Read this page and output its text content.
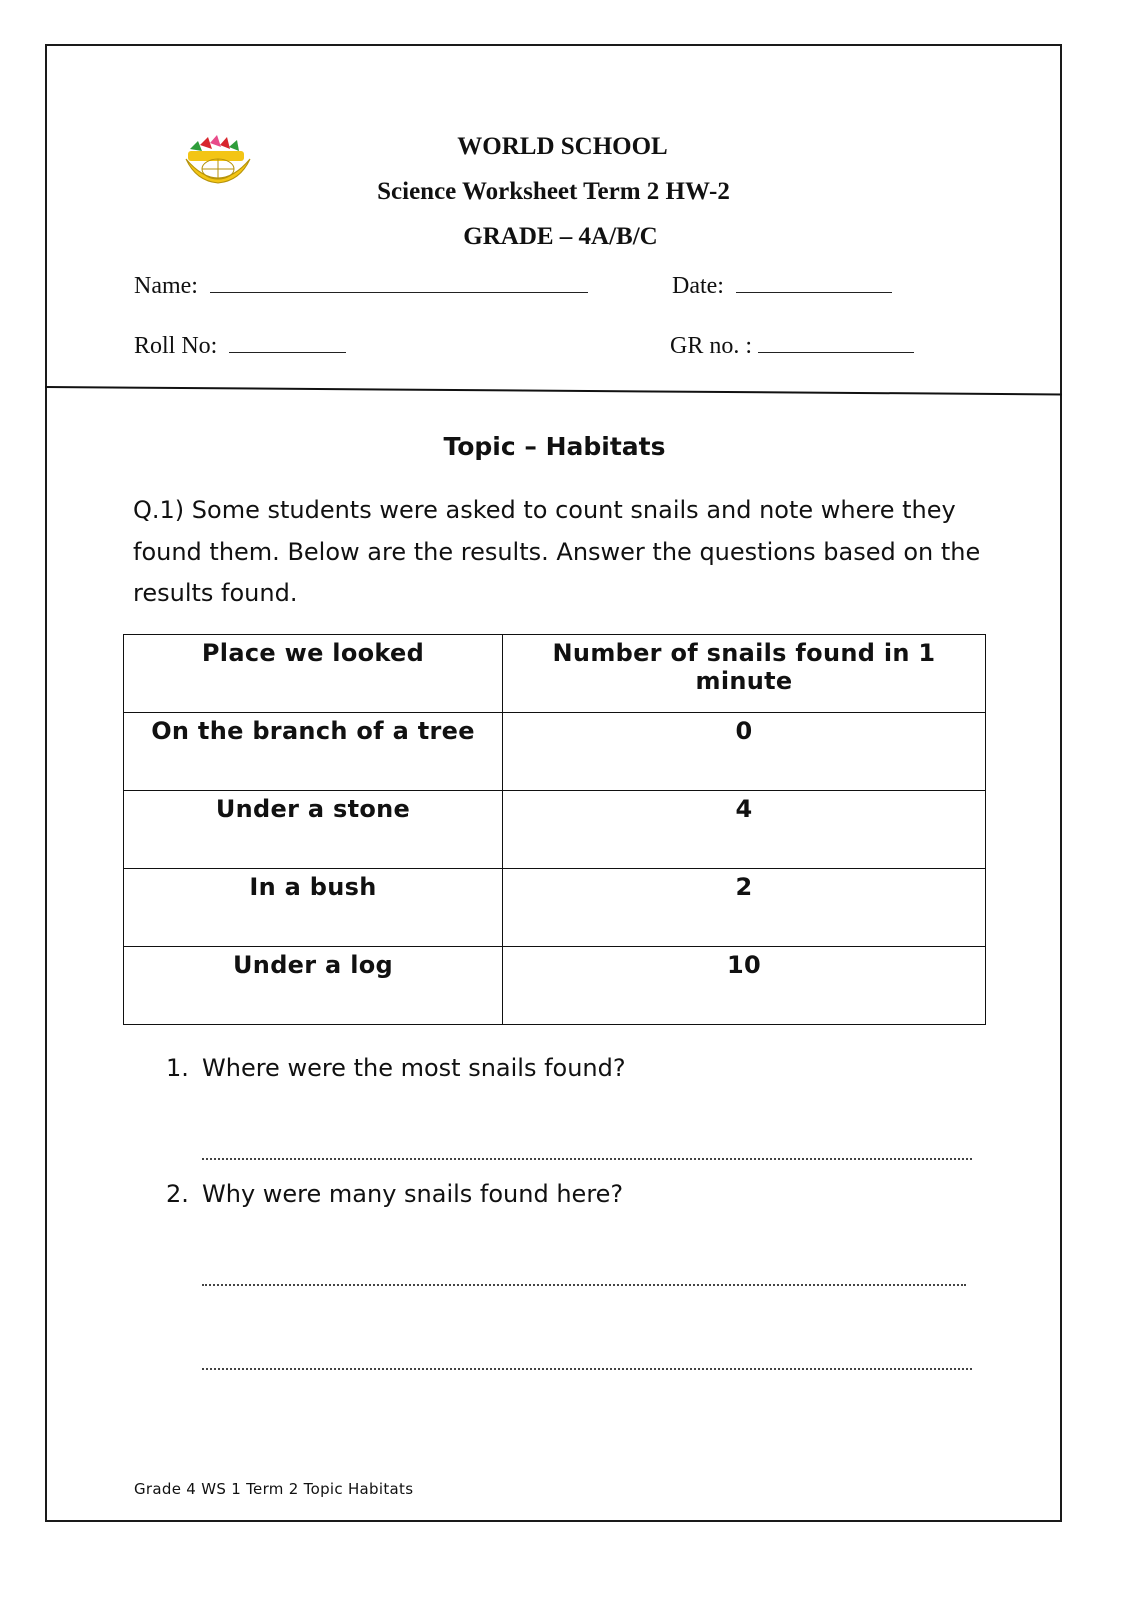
WORLD SCHOOL
Science Worksheet Term 2 HW-2
GRADE – 4A/B/C
Name:	Date:
Roll No:	GR no. :
Topic – Habitats
Q.1) Some students were asked to count snails and note where they found them. Below are the results. Answer the questions based on the results found.
Place we looked	Number of snails found in 1 minute
On the branch of a tree	0
Under a stone	4
In a bush	2
Under a log	10
1. Where were the most snails found?
2. Why were many snails found here?
Grade 4 WS 1 Term 2 Topic Habitats
